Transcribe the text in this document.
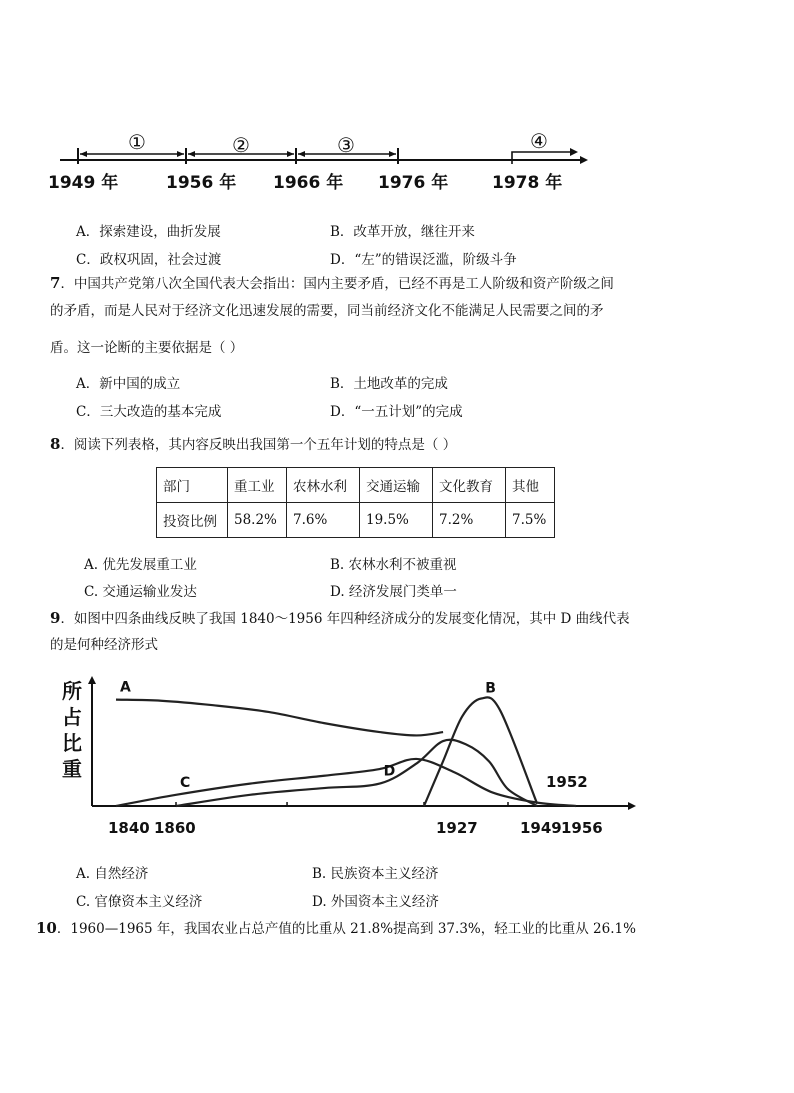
①	②	③	④
1949 年	1956 年 1966 年 1976 年	1978 年
A．探索建设，曲折发展	B．改革开放，继往开来
C．政权巩固，社会过渡	D．“左”的错误泛滥，阶级斗争
7．中国共产党第八次全国代表大会指出：国内主要矛盾，已经不再是工人阶级和资产阶级之间
的矛盾，而是人民对于经济文化迅速发展的需要，同当前经济文化不能满足人民需要之间的矛
盾。这一论断的主要依据是（ ）
A．新中国的成立	B．土地改革的完成
C．三大改造的基本完成	D．“一五计划”的完成
8．阅读下列表格，其内容反映出我国第一个五年计划的特点是（ ）
部门	重工业	农林水利	交通运输	文化教育	其他
投资比例	58.2%	7.6%	19.5%	7.2%	7.5%
A. 优先发展重工业	B. 农林水利不被重视
C. 交通运输业发达	D. 经济发展门类单一
9．如图中四条曲线反映了我国 1840～1956 年四种经济成分的发展变化情况，其中 D 曲线代表
的是何种经济形式
所
占
比
重
A	B
C
D
1840 1860	1927	1949 1956
1952
A. 自然经济	B. 民族资本主义经济
C. 官僚资本主义经济	D. 外国资本主义经济
10．1960—1965 年，我国农业占总产值的比重从 21.8%提高到 37.3%，轻工业的比重从 26.1%
